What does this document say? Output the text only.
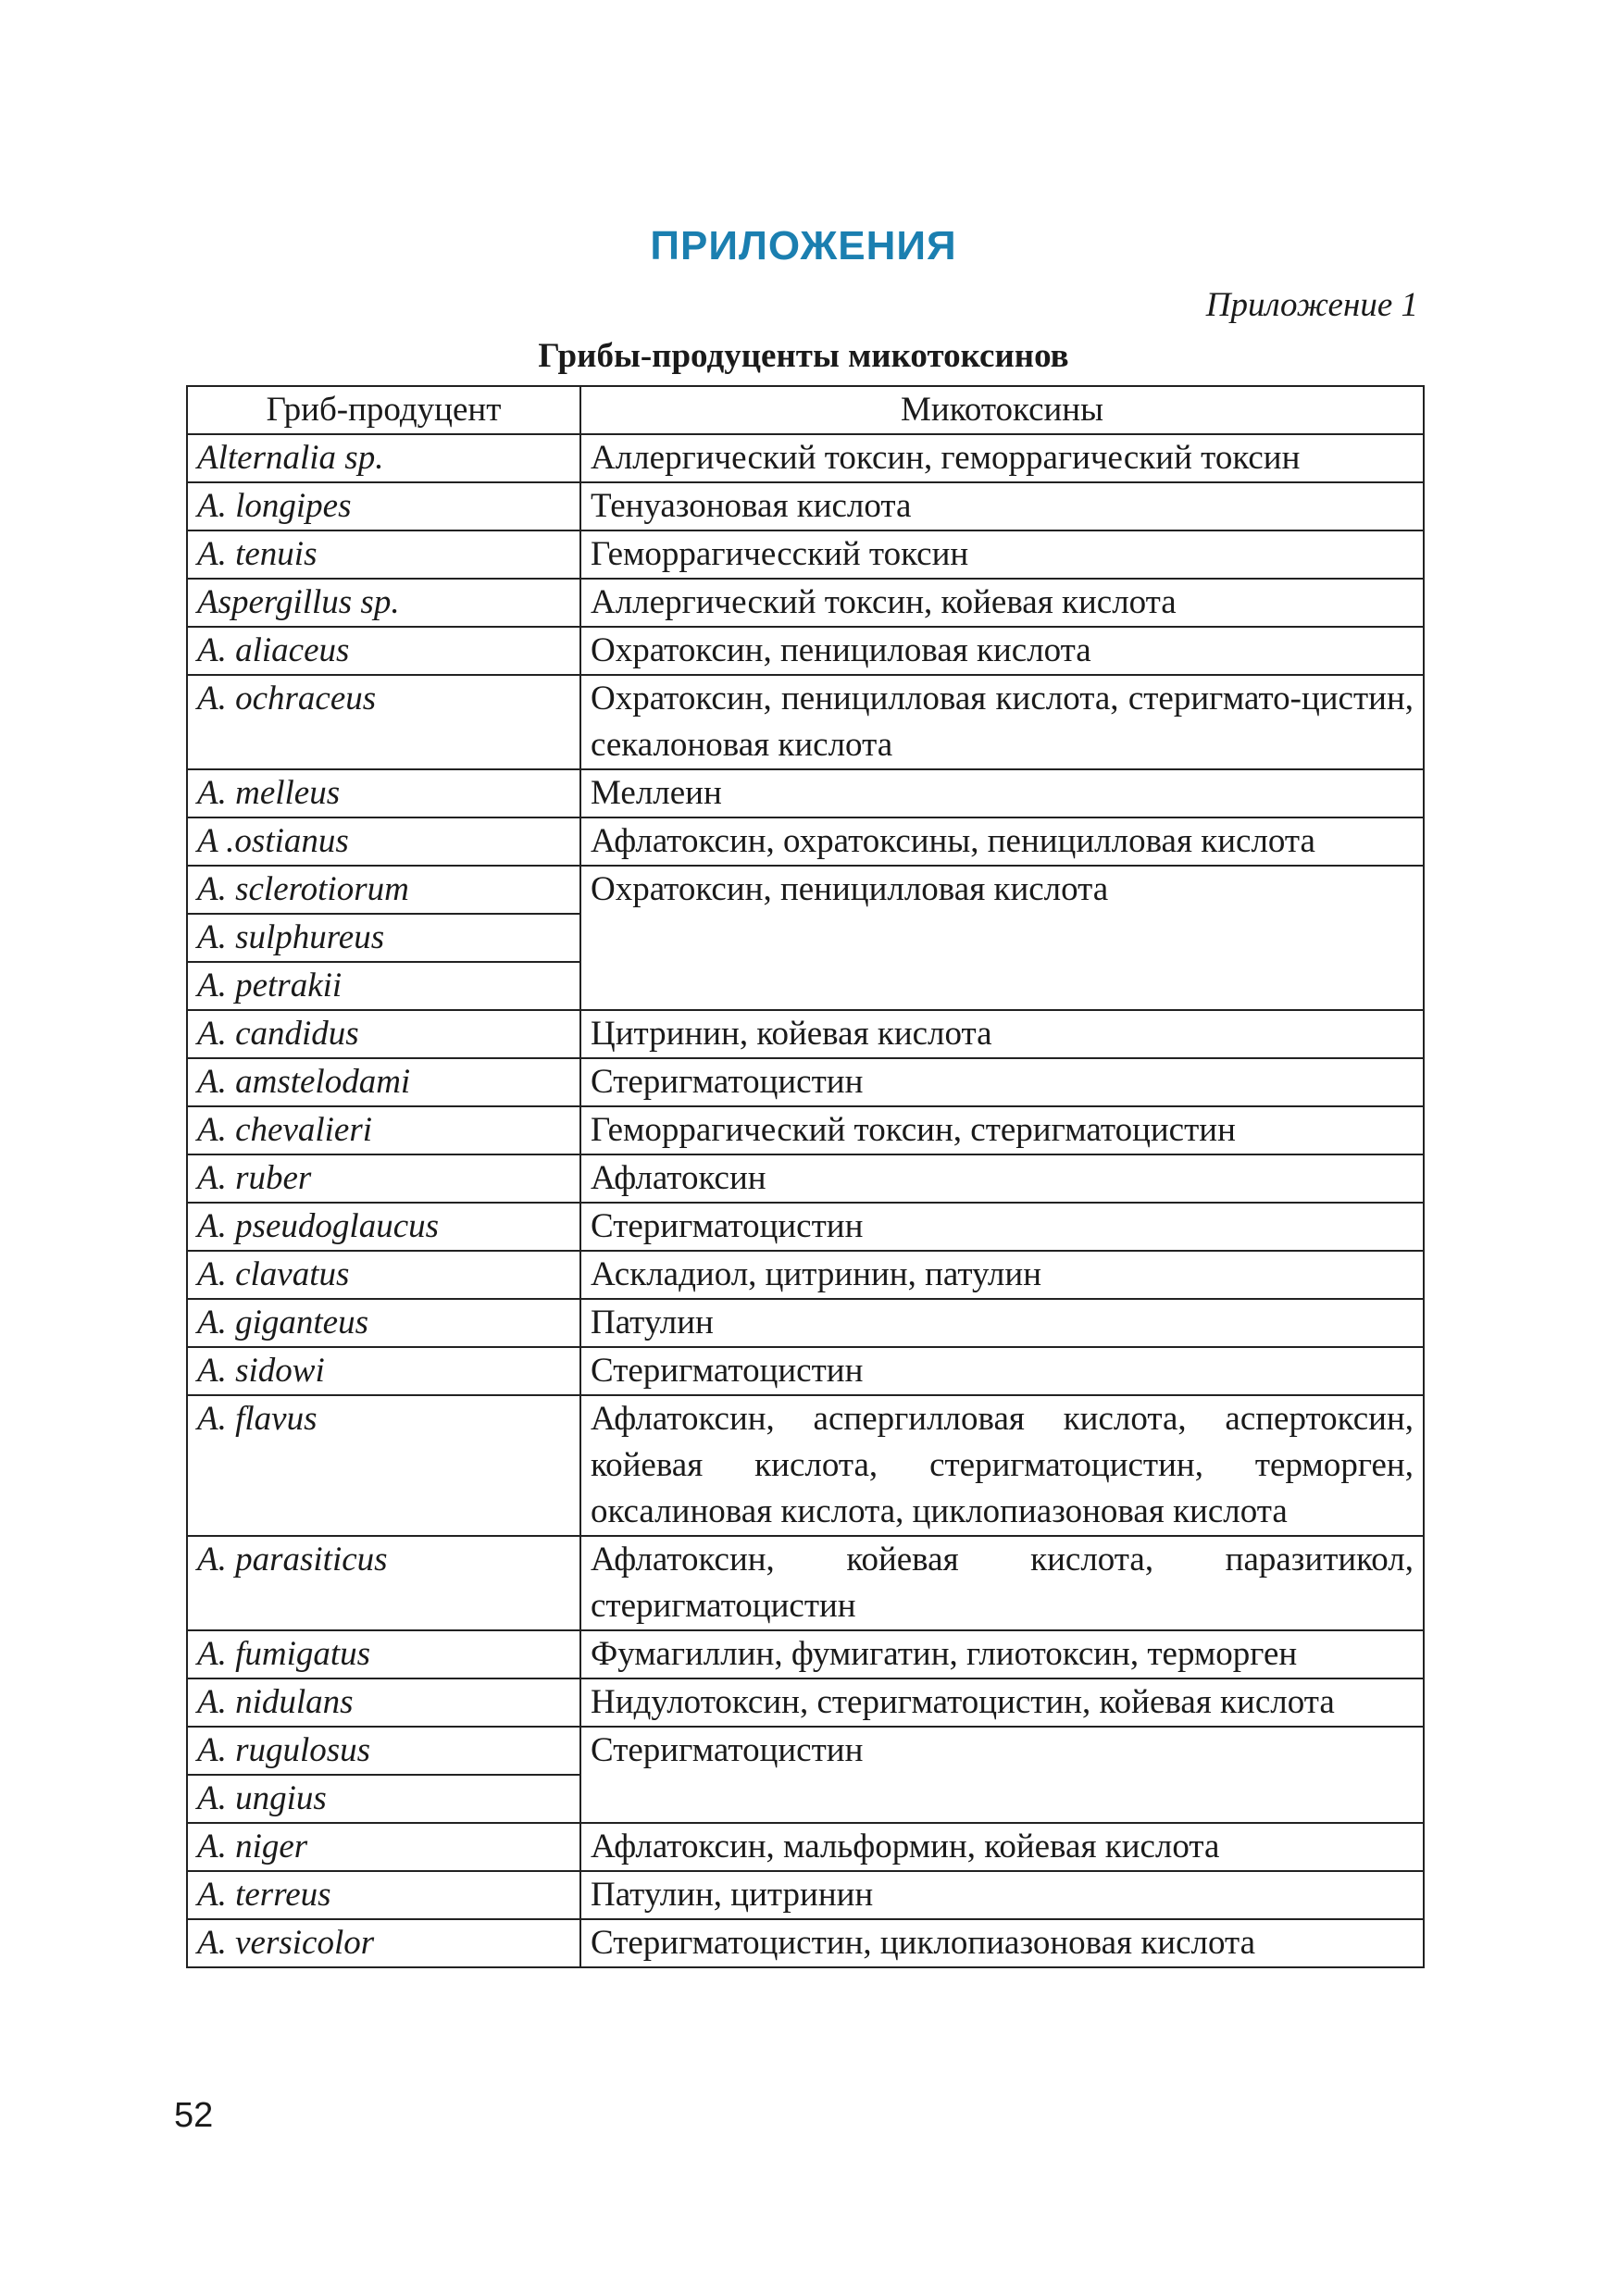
ПРИЛОЖЕНИЯ
Приложение 1
Грибы-продуценты микотоксинов
Гриб-продуцент	Микотоксины
Alternalia sp.	Аллергический токсин, геморрагический токсин
A. longipes	Тенуазоновая кислота
A. tenuis	Геморрагичесский токсин
Aspergillus sp.	Аллергический токсин, койевая кислота
A. aliaceus	Охратоксин, пенициловая кислота
A. ochraceus	Охратоксин, пеницилловая кислота, стеригмато-цистин, секалоновая кислота
A. melleus	Меллеин
A .ostianus	Афлатоксин, охратоксины, пеницилловая кислота
A. sclerotiorum	Охратоксин, пеницилловая кислота
A. sulphureus	
A. petrakii	
A. candidus	Цитринин, койевая кислота
A. amstelodami	Стеригматоцистин
A. chevalieri	Геморрагический токсин, стеригматоцистин
A. ruber	Афлатоксин
A. pseudoglaucus	Стеригматоцистин
A. clavatus	Аскладиол, цитринин, патулин
A. giganteus	Патулин
A. sidowi	Стеригматоцистин
A. flavus	Афлатоксин, аспергилловая кислота, аспертоксин, койевая кислота, стеригматоцистин, терморген, оксалиновая кислота, циклопиазоновая кислота
A. parasiticus	Афлатоксин, койевая кислота, паразитикол, стеригматоцистин
A. fumigatus	Фумагиллин, фумигатин, глиотоксин, терморген
A. nidulans	Нидулотоксин, стеригматоцистин, койевая кислота
A. rugulosus	Стеригматоцистин
A. ungius	
A. niger	Афлатоксин, мальформин, койевая кислота
A. terreus	Патулин, цитринин
A. versicolor	Стеригматоцистин, циклопиазоновая кислота
52
